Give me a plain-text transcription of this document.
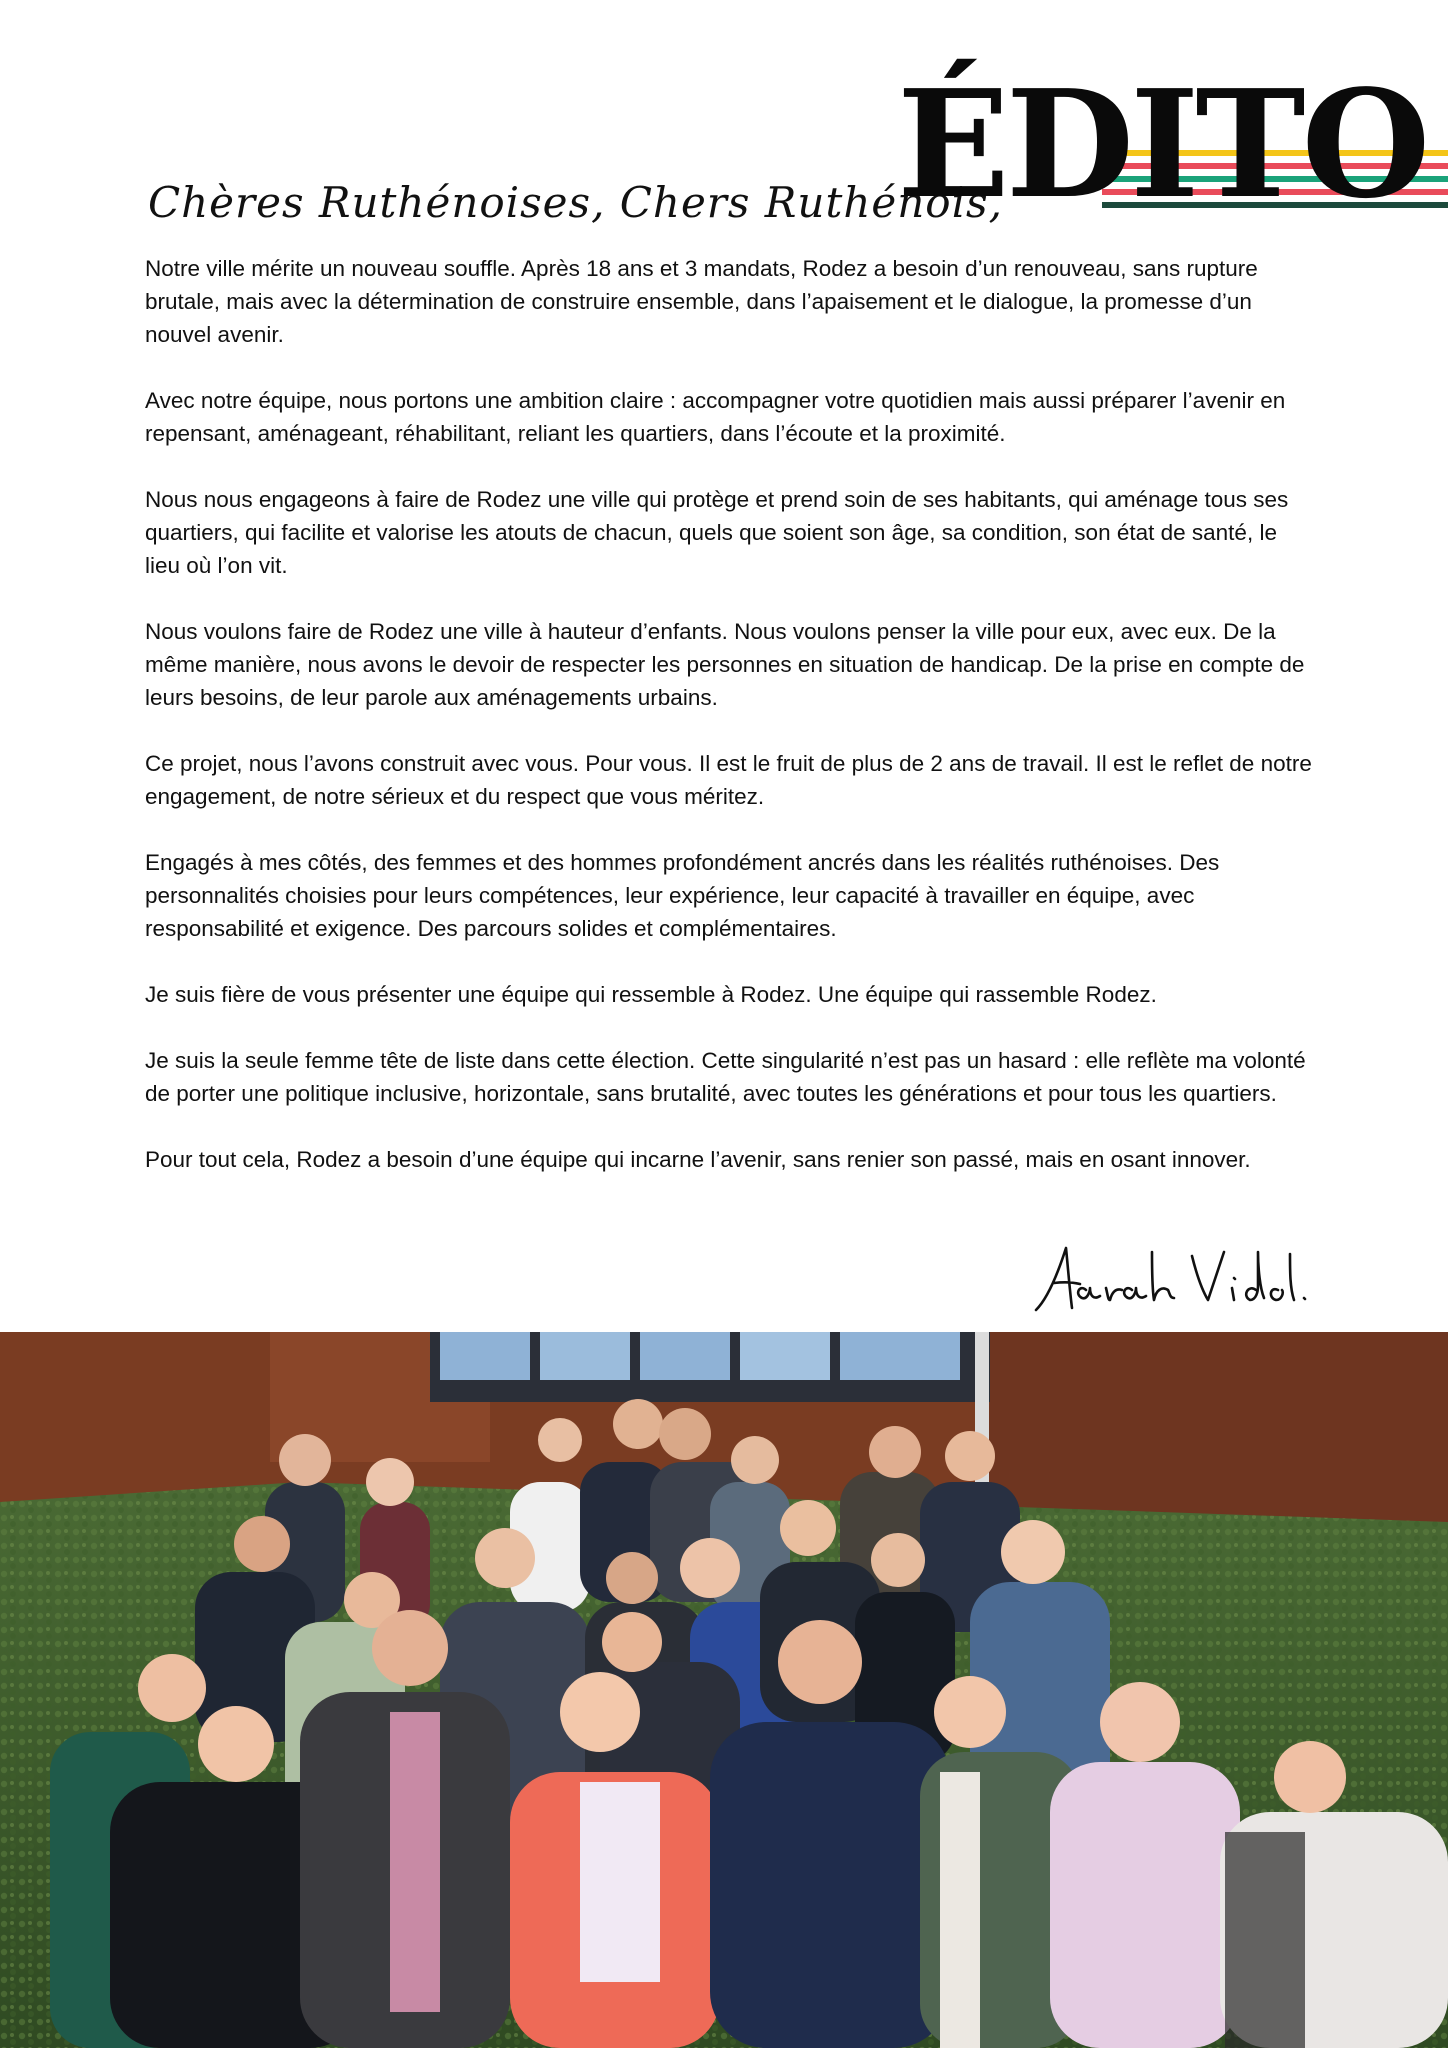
ÉDITO

Chères Ruthénoises, Chers Ruthénois,

Notre ville mérite un nouveau souffle. Après 18 ans et 3 mandats, Rodez a besoin d’un renouveau, sans rupture brutale, mais avec la détermination de construire ensemble, dans l’apaisement et le dialogue, la promesse d’un nouvel avenir.

Avec notre équipe, nous portons une ambition claire : accompagner votre quotidien mais aussi préparer l’avenir en repensant, aménageant, réhabilitant, reliant les quartiers, dans l’écoute et la proximité.

Nous nous engageons à faire de Rodez une ville qui protège et prend soin de ses habitants, qui aménage tous ses quartiers, qui facilite et valorise les atouts de chacun, quels que soient son âge, sa condition, son état de santé, le lieu où l’on vit.

Nous voulons faire de Rodez une ville à hauteur d’enfants. Nous voulons penser la ville pour eux, avec eux. De la même manière, nous avons le devoir de respecter les personnes en situation de handicap. De la prise en compte de leurs besoins, de leur parole aux aménagements urbains.

Ce projet, nous l’avons construit avec vous. Pour vous. Il est le fruit de plus de 2 ans de travail. Il est le reflet de notre engagement, de notre sérieux et du respect que vous méritez.

Engagés à mes côtés, des femmes et des hommes profondément ancrés dans les réalités ruthénoises. Des personnalités choisies pour leurs compétences, leur expérience, leur capacité à travailler en équipe, avec responsabilité et exigence. Des parcours solides et complémentaires.

Je suis fière de vous présenter une équipe qui ressemble à Rodez. Une équipe qui rassemble Rodez.

Je suis la seule femme tête de liste dans cette élection. Cette singularité n’est pas un hasard : elle reflète ma volonté de porter une politique inclusive, horizontale, sans brutalité, avec toutes les générations et pour tous les quartiers.

Pour tout cela, Rodez a besoin d’une équipe qui incarne l’avenir, sans renier son passé, mais en osant innover.
